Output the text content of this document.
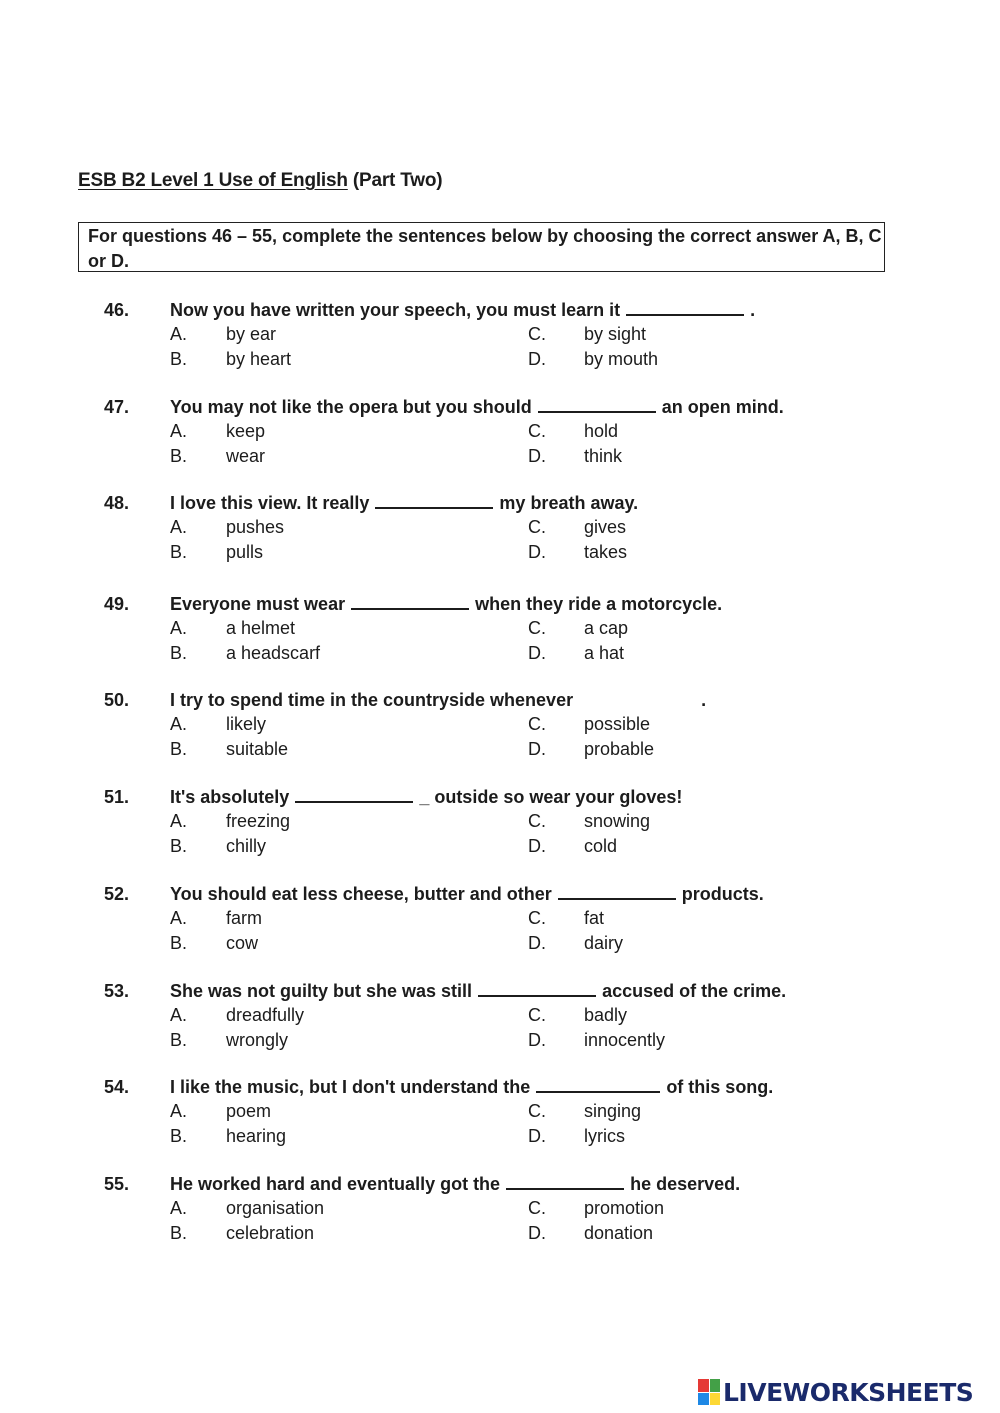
ESB B2 Level 1 Use of English (Part Two)
For questions 46 – 55, complete the sentences below by choosing the correct answer A, B, C or D.
46. Now you have written your speech, you must learn it	.
A. by ear
B. by heart
C. by sight
D. by mouth
47. You may not like the opera but you should	an open mind.
A. keep
B. wear
C. hold
D. think
48. I love this view. It really	my breath away.
A. pushes
B. pulls
C. gives
D. takes
49. Everyone must wear	when they ride a motorcycle.
A. a helmet
B. a headscarf
C. a cap
D. a hat
50. I try to spend time in the countryside whenever	.
A. likely
B. suitable
C. possible
D. probable
51. It's absolutely	_ outside so wear your gloves!
A. freezing
B. chilly
C. snowing
D. cold
52. You should eat less cheese, butter and other	products.
A. farm
B. cow
C. fat
D. dairy
53. She was not guilty but she was still	accused of the crime.
A. dreadfully
B. wrongly
C. badly
D. innocently
54. I like the music, but I don't understand the	of this song.
A. poem
B. hearing
C. singing
D. lyrics
55. He worked hard and eventually got the	he deserved.
A. organisation
B. celebration
C. promotion
D. donation
LIVEWORKSHEETS
